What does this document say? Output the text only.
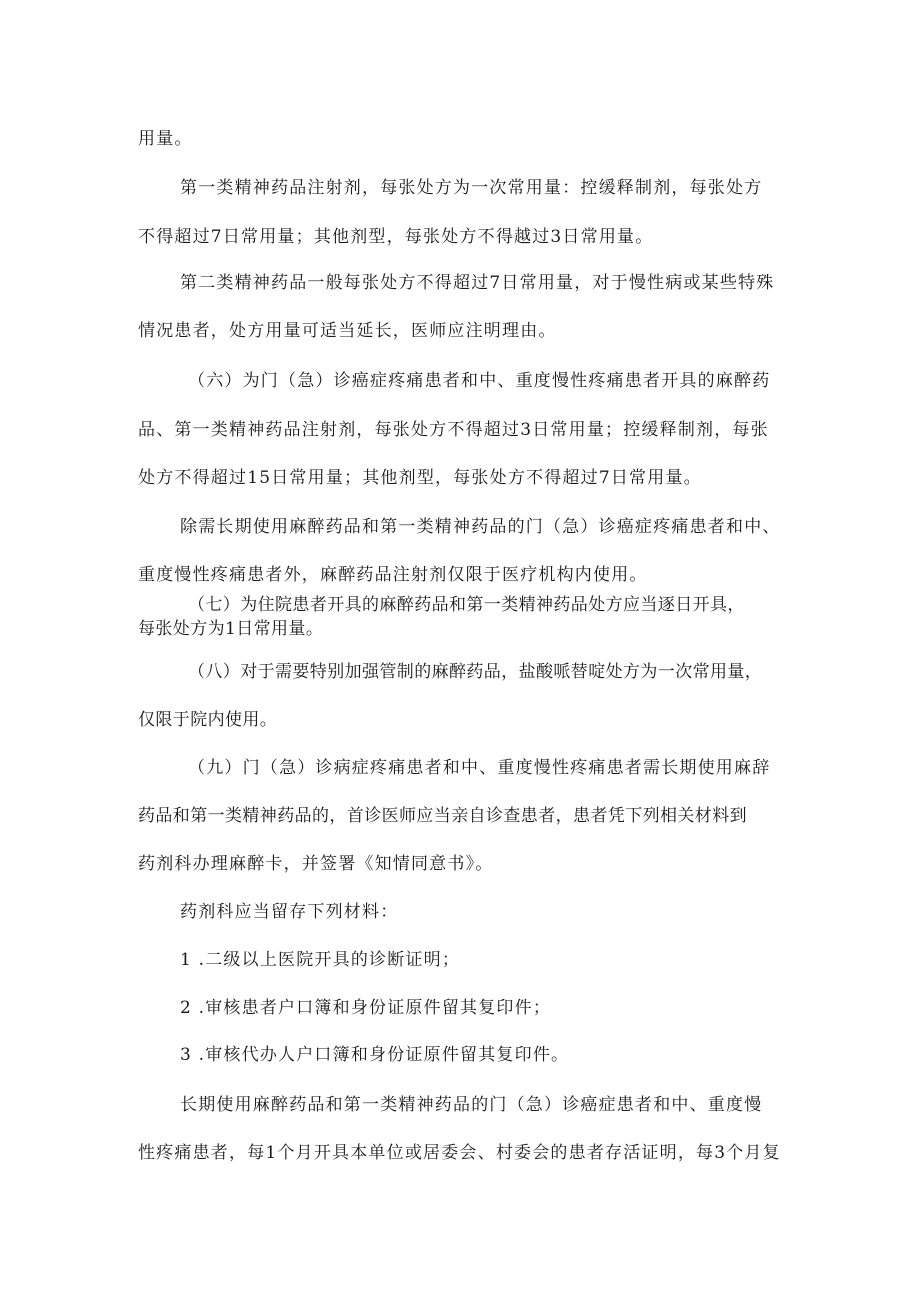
用量。
第一类精神药品注射剂，每张处方为一次常用量：控缓释制剂，每张处方
不得超过7日常用量；其他剂型，每张处方不得越过3日常用量。
第二类精神药品一般每张处方不得超过7日常用量，对于慢性病或某些特殊
情况患者，处方用量可适当延长，医师应注明理由。
（六）为门（急）诊癌症疼痛患者和中、重度慢性疼痛患者开具的麻醉药
品、第一类精神药品注射剂，每张处方不得超过3日常用量；控缓释制剂，每张
处方不得超过15日常用量；其他剂型，每张处方不得超过7日常用量。
除需长期使用麻醉药品和第一类精神药品的门（急）诊癌症疼痛患者和中、
重度慢性疼痛患者外，麻醉药品注射剂仅限于医疗机构内使用。
（七）为住院患者开具的麻醉药品和第一类精神药品处方应当逐日开具，
每张处方为1日常用量。
（八）对于需要特别加强管制的麻醉药品，盐酸哌替啶处方为一次常用量，
仅限于院内使用。
（九）门（急）诊病症疼痛患者和中、重度慢性疼痛患者需长期使用麻辞
药品和第一类精神药品的，首诊医师应当亲自诊查患者，患者凭下列相关材料到
药剂科办理麻醉卡，并签署《知情同意书》。
药剂科应当留存下列材料：
1 .二级以上医院开具的诊断证明；
2 .审核患者户口簿和身份证原件留其复印件；
3 .审核代办人户口簿和身份证原件留其复印件。
长期使用麻醉药品和第一类精神药品的门（急）诊癌症患者和中、重度慢
性疼痛患者，每1个月开具本单位或居委会、村委会的患者存活证明，每3个月复
